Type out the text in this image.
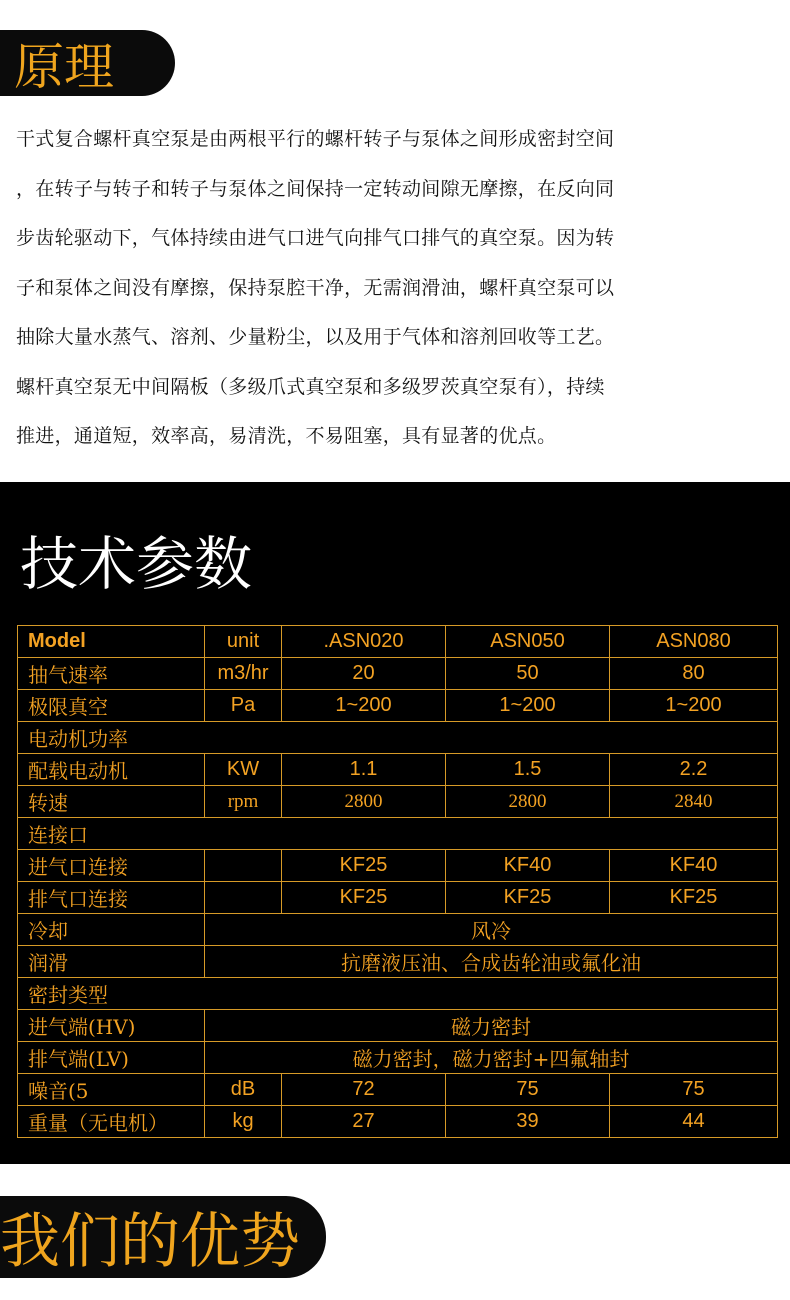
原理
干式复合螺杆真空泵是由两根平行的螺杆转子与泵体之间形成密封空间
，在转子与转子和转子与泵体之间保持一定转动间隙无摩擦，在反向同
步齿轮驱动下，气体持续由进气口进气向排气口排气的真空泵。因为转
子和泵体之间没有摩擦，保持泵腔干净，无需润滑油，螺杆真空泵可以
抽除大量水蒸气、溶剂、少量粉尘，以及用于气体和溶剂回收等工艺。
螺杆真空泵无中间隔板（多级爪式真空泵和多级罗茨真空泵有），持续
推进，通道短，效率高，易清洗，不易阻塞，具有显著的优点。
技术参数
Model	unit	.ASN020	ASN050	ASN080
抽气速率	m3/hr	20	50	80
极限真空	Pa	1~200	1~200	1~200
电动机功率				
配载电动机	KW	1.1	1.5	2.2
转速	rpm	2800	2800	2840
连接口				
进气口连接		KF25	KF40	KF40
排气口连接		KF25	KF25	KF25
冷却	风冷			
润滑	抗磨液压油、合成齿轮油或氟化油			
密封类型				
进气端(HV)	磁力密封			
排气端(LV)	磁力密封，磁力密封+四氟轴封			
噪音(5	dB	72	75	75
重量（无电机）	kg	27	39	44
我们的优势
